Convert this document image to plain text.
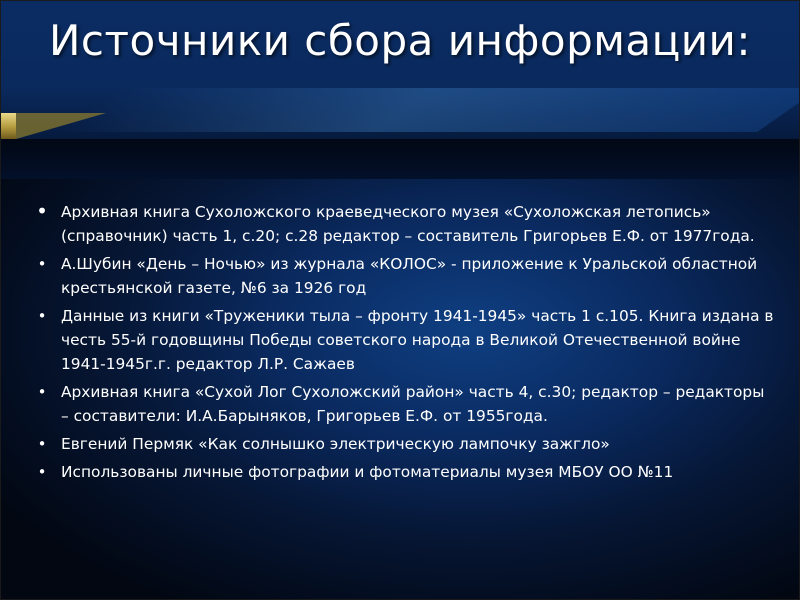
Источники сбора информации:
• Архивная книга Сухоложского краеведческого музея «Сухоложская летопись» (справочник) часть 1, с.20; с.28 редактор – составитель Григорьев Е.Ф. от 1977года.
• А.Шубин «День – Ночью» из журнала «КОЛОС» - приложение к Уральской областной крестьянской газете, №6 за 1926 год
• Данные из книги «Труженики тыла – фронту 1941-1945» часть 1 с.105. Книга издана в честь 55-й годовщины Победы советского народа в Великой Отечественной войне 1941-1945г.г. редактор Л.Р. Сажаев
• Архивная книга «Сухой Лог Сухоложский район» часть 4, с.30; редактор – редакторы – составители: И.А.Барыняков, Григорьев Е.Ф. от 1955года.
• Евгений Пермяк «Как солнышко электрическую лампочку зажгло»
• Использованы личные фотографии и фотоматериалы музея МБОУ ОО №11
